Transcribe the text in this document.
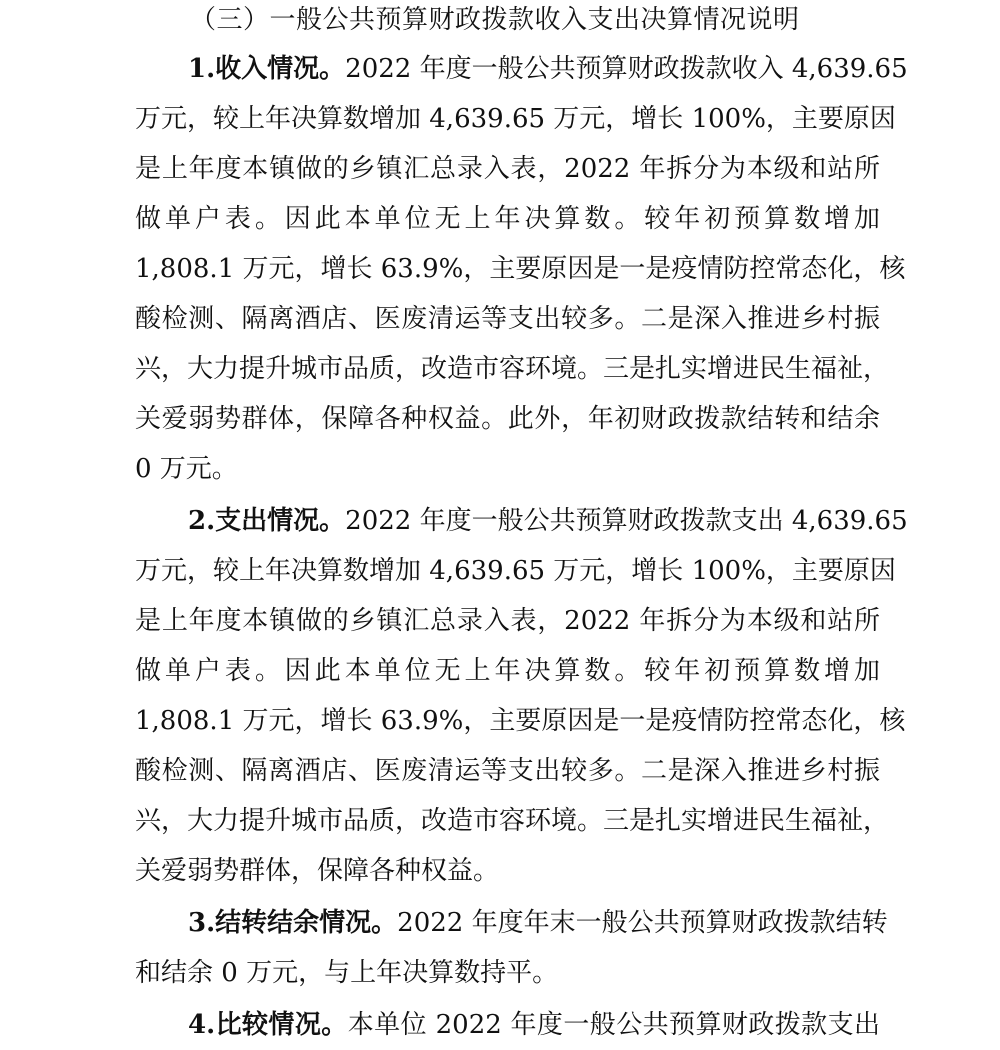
（三）一般公共预算财政拨款收入支出决算情况说明
1.收入情况。2022 年度一般公共预算财政拨款收入 4,639.65
万元，较上年决算数增加 4,639.65 万元，增长 100%，主要原因
是上年度本镇做的乡镇汇总录入表，2022 年拆分为本级和站所
做单户表。因此本单位无上年决算数。较年初预算数增加
1,808.1 万元，增长 63.9%，主要原因是一是疫情防控常态化，核
酸检测、隔离酒店、医废清运等支出较多。二是深入推进乡村振
兴，大力提升城市品质，改造市容环境。三是扎实增进民生福祉，
关爱弱势群体，保障各种权益。此外，年初财政拨款结转和结余
0 万元。
2.支出情况。2022 年度一般公共预算财政拨款支出 4,639.65
万元，较上年决算数增加 4,639.65 万元，增长 100%，主要原因
是上年度本镇做的乡镇汇总录入表，2022 年拆分为本级和站所
做单户表。因此本单位无上年决算数。较年初预算数增加
1,808.1 万元，增长 63.9%，主要原因是一是疫情防控常态化，核
酸检测、隔离酒店、医废清运等支出较多。二是深入推进乡村振
兴，大力提升城市品质，改造市容环境。三是扎实增进民生福祉，
关爱弱势群体，保障各种权益。
3.结转结余情况。2022 年度年末一般公共预算财政拨款结转
和结余 0 万元，与上年决算数持平。
4.比较情况。本单位 2022 年度一般公共预算财政拨款支出
